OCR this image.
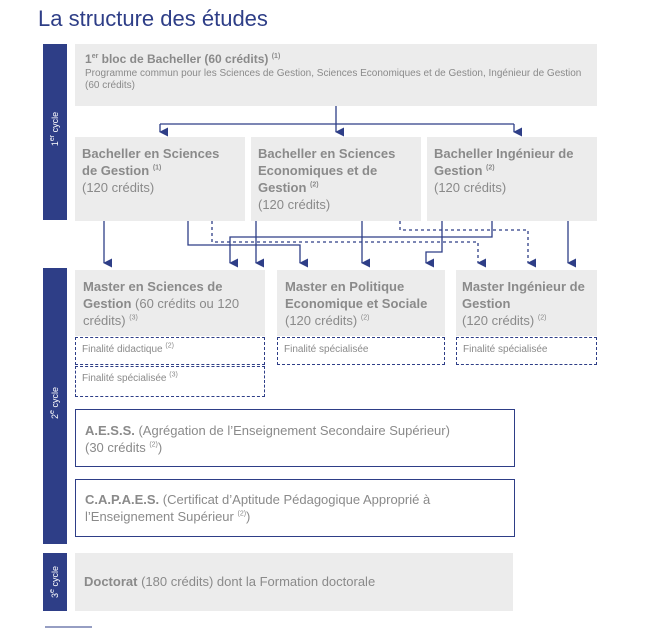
La structure des études
1er cycle
2e cycle
3e cycle
1er bloc de Bacheller (60 crédits) $^{(1)}$
Programme commun pour les Sciences de Gestion, Sciences Economiques et de Gestion, Ingénieur de Gestion (60 crédits)
Bacheller en Sciences de Gestion $^{(1)}$
(120 crédits)
Bacheller en Sciences Economiques et de Gestion $^{(2)}$
(120 crédits)
Bacheller Ingénieur de Gestion $^{(2)}$
(120 crédits)
Master en Sciences de Gestion (60 crédits ou 120 crédits) $^{(3)}$
Master en Politique Economique et Sociale
(120 crédits) $^{(2)}$
Master Ingénieur de Gestion
(120 crédits) $^{(2)}$
Finalité didactique $^{(2)}$
Finalité spécialisée $^{(3)}$
Finalité spécialisée	Finalité spécialisée
A.E.S.S. (Agrégation de l’Enseignement Secondaire Supérieur)
(30 crédits $^{(2)}$)
C.A.P.A.E.S. (Certificat d’Aptitude Pédagogique Approprié à l’Enseignement Supérieur $^{(2)}$)
Doctorat (180 crédits) dont la Formation doctorale
